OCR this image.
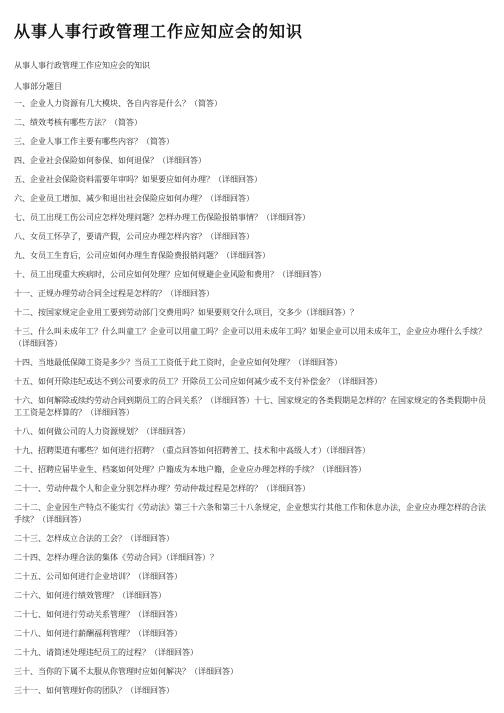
从事人事行政管理工作应知应会的知识
从事人事行政管理工作应知应会的知识
人事部分题目
一、企业人力资源有几大模块、各自内容是什么？（简答）
二、绩效考核有哪些方法？（简答）
三、企业人事工作主要有哪些内容？（简答）
四、企业社会保险如何参保、如何退保？（详细回答）
五、企业社会保险资料需要年审吗？如果要应如何办理？（详细回答）
六、企业员工增加、减少和退出社会保险应如何办理？（详细回答）
七、员工出现工伤公司应怎样处理问题？怎样办理工伤保险报销事情？（详细回答）
八、女员工怀孕了，要请产假，公司应办理怎样内容？（详细回答）
九、女员工生育后，公司应如何办理生育保险费报销问题？（详细回答）
十、员工出现重大疾病时，公司应如何处理？应如何规避企业风险和费用？（详细回答）
十一、正规办理劳动合同全过程是怎样的？（详细回答）
十二、按国家规定企业用工要到劳动部门交费用吗？如果要则交什么项目，交多少（详细回答）？
十三、什么叫未成年工？什么叫童工？企业可以用童工吗？企业可以用未成年工吗？如果企业可以用未成年工，企业应办理什么手续？（详细回答）
十四、当地最低保障工资是多少？当员工工资低于此工资时，企业应如何处理？（详细回答）
十五、如何开除违纪或达不到公司要求的员工？开除员工公司应如何减少或不支付补偿金？（详细回答）
十六、如何解除或续约劳动合同到期员工的合同关系？（详细回答）十七、国家规定的各类假期是怎样的？在国家规定的各类假期中员工工资是怎样算的？（详细回答）
十八、如何做公司的人力资源规划？（详细回答）
十九、招聘渠道有哪些？如何进行招聘？（重点回答如何招聘普工、技术和中高级人才）（详细回答）
二十、招聘应届毕业生、档案如何处理？户籍成为本地户籍，企业应办理怎样的手续？（详细回答）
二十一、劳动仲裁个人和企业分别怎样办理？劳动仲裁过程是怎样的？（详细回答）
二十二、企业因生产特点不能实行《劳动法》第三十六条和第三十八条规定，企业想实行其他工作和休息办法，企业应办理怎样的合法手续？（详细回答）
二十三、怎样成立合法的工会？（详细回答）
二十四、怎样办理合法的集体《劳动合同》（详细回答）？
二十五、公司如何进行企业培训？（详细回答）
二十六、如何进行绩效管理？（详细回答）
二十七、如何进行劳动关系管理？（详细回答）
二十八、如何进行薪酬福利管理？（详细回答）
二十九、请简述处理违纪员工的过程？（详细回答）
三十、当你的下属不太服从你管理时应如何解决？（详细回答）
三十一、如何管理好你的团队？（详细回答）
